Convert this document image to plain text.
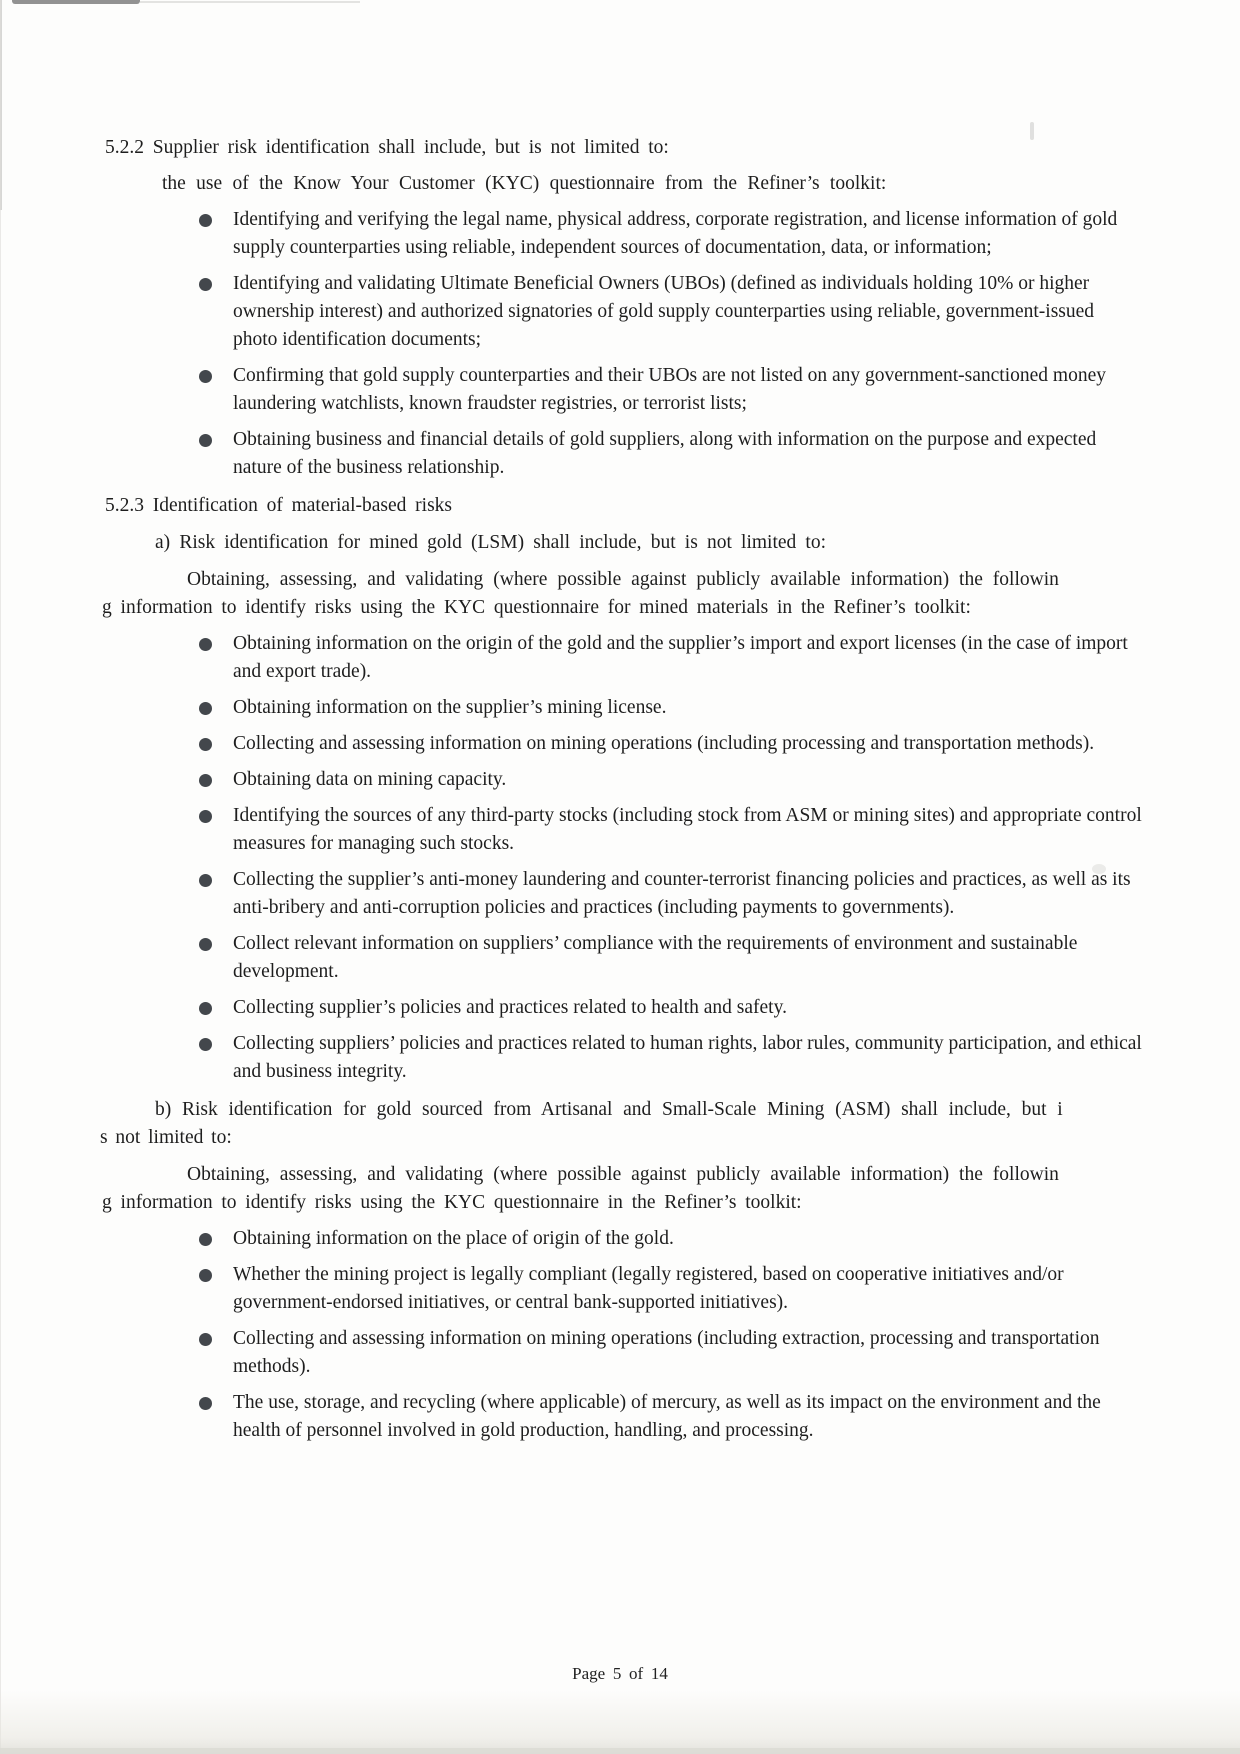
5.2.2 Supplier risk identification shall include, but is not limited to:
the use of the Know Your Customer (KYC) questionnaire from the Refiner’s toolkit:
Identifying and verifying the legal name, physical address, corporate registration, and license information of gold supply counterparties using reliable, independent sources of documentation, data, or information;
Identifying and validating Ultimate Beneficial Owners (UBOs) (defined as individuals holding 10% or higher ownership interest) and authorized signatories of gold supply counterparties using reliable, government-issued photo identification documents;
Confirming that gold supply counterparties and their UBOs are not listed on any government-sanctioned money laundering watchlists, known fraudster registries, or terrorist lists;
Obtaining business and financial details of gold suppliers, along with information on the purpose and expected nature of the business relationship.
5.2.3 Identification of material-based risks
a) Risk identification for mined gold (LSM) shall include, but is not limited to:
Obtaining, assessing, and validating (where possible against publicly available information) the followin
g information to identify risks using the KYC questionnaire for mined materials in the Refiner’s toolkit:
Obtaining information on the origin of the gold and the supplier’s import and export licenses (in the case of import and export trade).
Obtaining information on the supplier’s mining license.
Collecting and assessing information on mining operations (including processing and transportation methods).
Obtaining data on mining capacity.
Identifying the sources of any third-party stocks (including stock from ASM or mining sites) and appropriate control measures for managing such stocks.
Collecting the supplier’s anti-money laundering and counter-terrorist financing policies and practices, as well as its anti-bribery and anti-corruption policies and practices (including payments to governments).
Collect relevant information on suppliers’ compliance with the requirements of environment and sustainable development.
Collecting supplier’s policies and practices related to health and safety.
Collecting suppliers’ policies and practices related to human rights, labor rules, community participation, and ethical and business integrity.
b) Risk identification for gold sourced from Artisanal and Small-Scale Mining (ASM) shall include, but i
s not limited to:
Obtaining, assessing, and validating (where possible against publicly available information) the followin
g information to identify risks using the KYC questionnaire in the Refiner’s toolkit:
Obtaining information on the place of origin of the gold.
Whether the mining project is legally compliant (legally registered, based on cooperative initiatives and/or government-endorsed initiatives, or central bank-supported initiatives).
Collecting and assessing information on mining operations (including extraction, processing and transportation methods).
The use, storage, and recycling (where applicable) of mercury, as well as its impact on the environment and the health of personnel involved in gold production, handling, and processing.
Page 5 of 14
